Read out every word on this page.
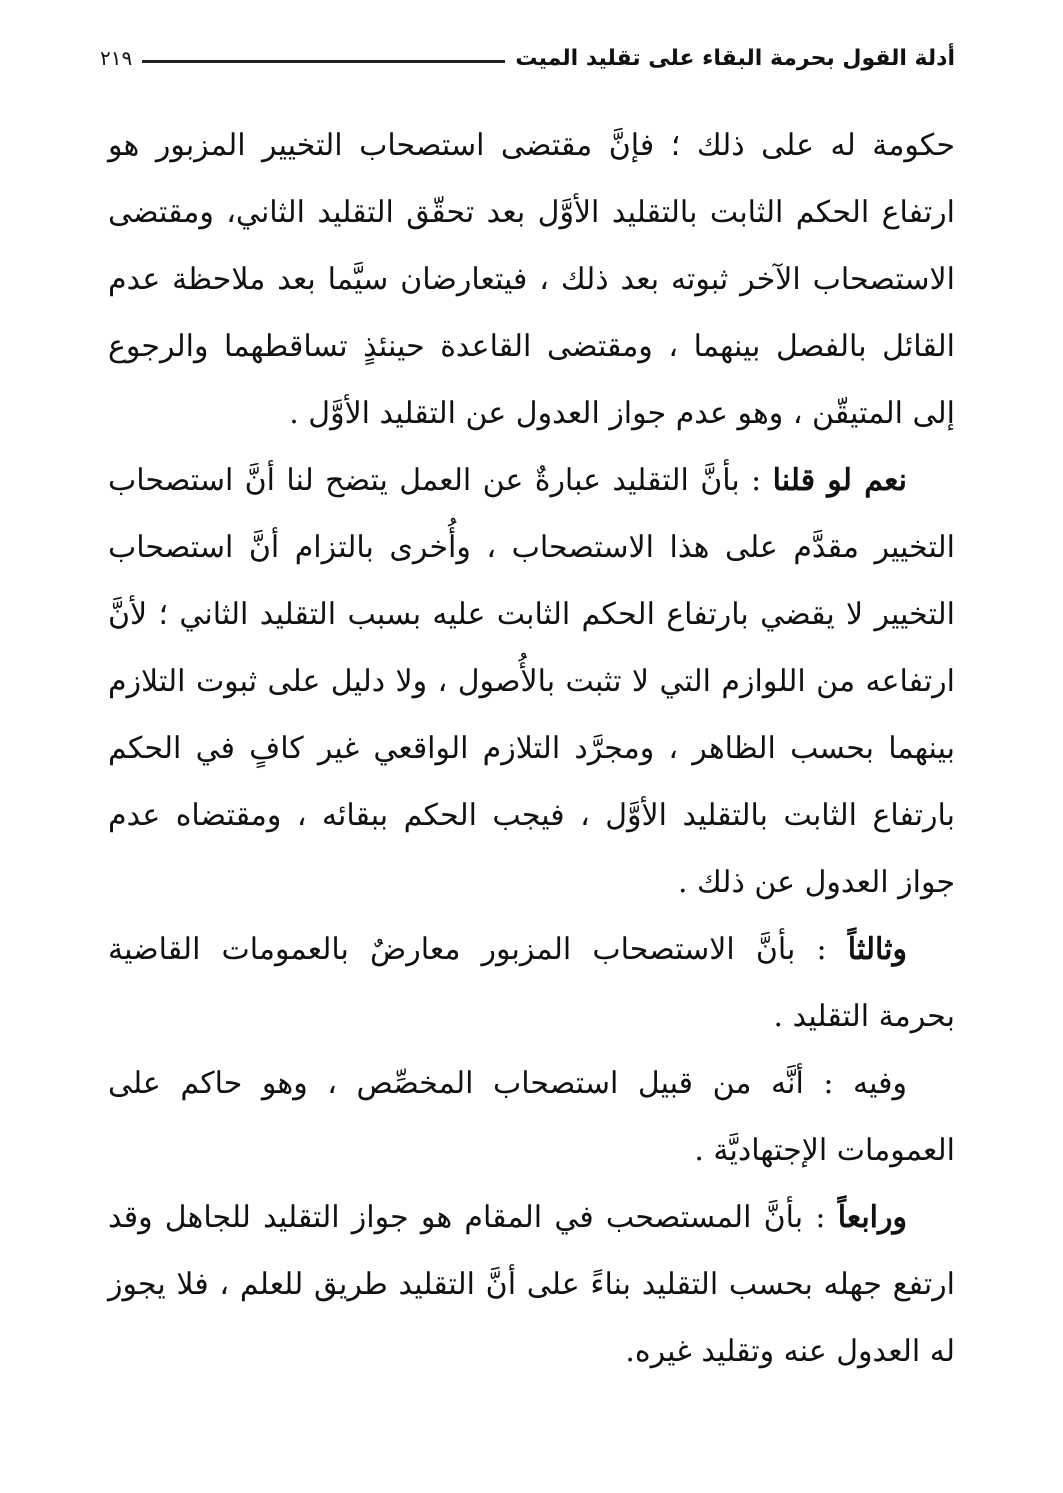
أدلة القول بحرمة البقاء على تقليد الميت
٢١٩

حكومة له على ذلك ؛ فإنَّ مقتضى استصحاب التخيير المزبور هو ارتفاع الحكم الثابت بالتقليد الأوَّل بعد تحقّق التقليد الثاني، ومقتضى الاستصحاب الآخر ثبوته بعد ذلك ، فيتعارضان سيَّما بعد ملاحظة عدم القائل بالفصل بينهما ، ومقتضى القاعدة حينئذٍ تساقطهما والرجوع إلى المتيقّن ، وهو عدم جواز العدول عن التقليد الأوَّل .

نعم لو قلنا : بأنَّ التقليد عبارةٌ عن العمل يتضح لنا أنَّ استصحاب التخيير مقدَّم على هذا الاستصحاب ، وأُخرى بالتزام أنَّ استصحاب التخيير لا يقضي بارتفاع الحكم الثابت عليه بسبب التقليد الثاني ؛ لأنَّ ارتفاعه من اللوازم التي لا تثبت بالأُصول ، ولا دليل على ثبوت التلازم بينهما بحسب الظاهر ، ومجرَّد التلازم الواقعي غير كافٍ في الحكم بارتفاع الثابت بالتقليد الأوَّل ، فيجب الحكم ببقائه ، ومقتضاه عدم جواز العدول عن ذلك .

وثالثاً : بأنَّ الاستصحاب المزبور معارضٌ بالعمومات القاضية بحرمة التقليد .

وفيه : أنَّه من قبيل استصحاب المخصِّص ، وهو حاكم على العمومات الإجتهاديَّة .

ورابعاً : بأنَّ المستصحب في المقام هو جواز التقليد للجاهل وقد ارتفع جهله بحسب التقليد بناءً على أنَّ التقليد طريق للعلم ، فلا يجوز له العدول عنه وتقليد غيره.
